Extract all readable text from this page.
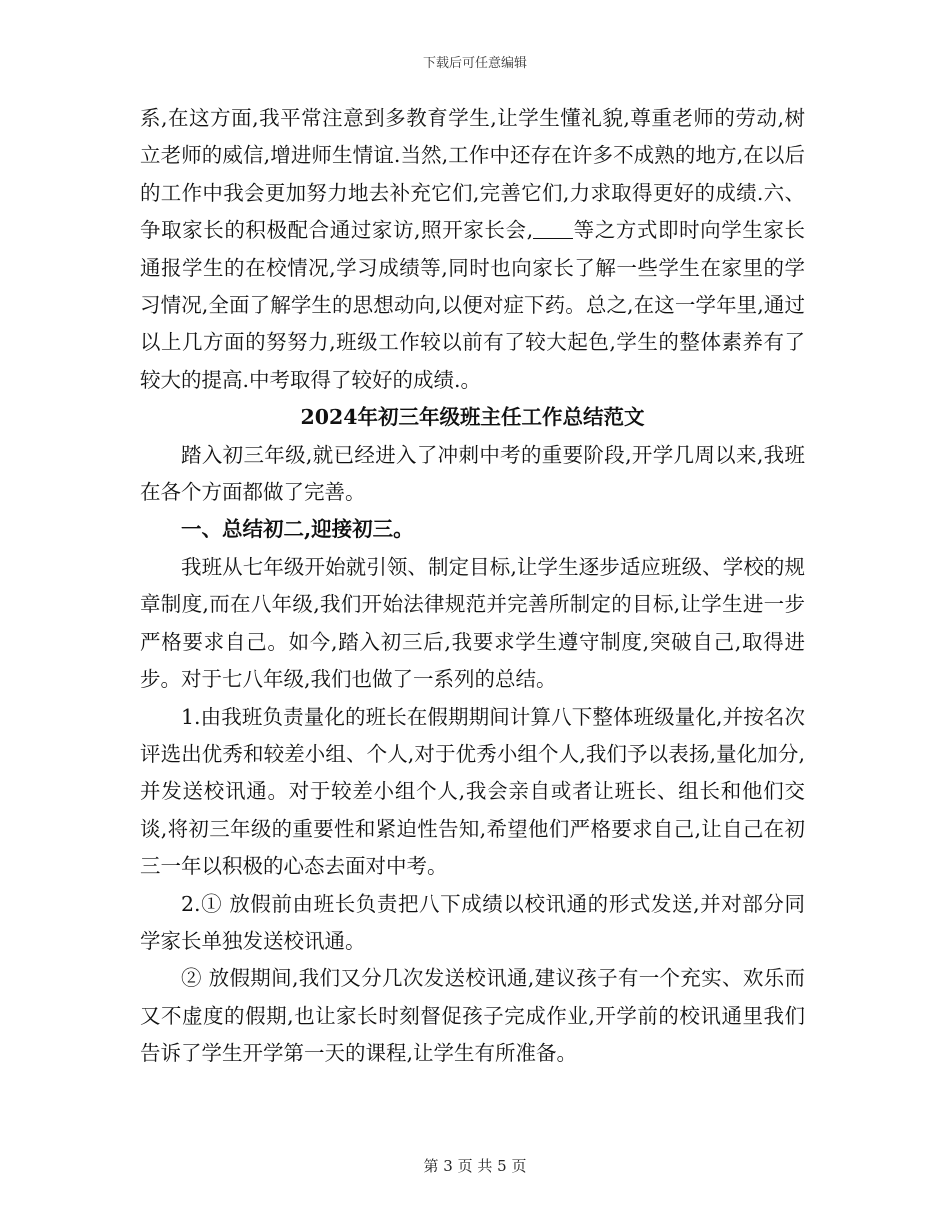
下载后可任意编辑

系,在这方面,我平常注意到多教育学生,让学生懂礼貌,尊重老师的劳动,树立老师的威信,增进师生情谊.当然,工作中还存在许多不成熟的地方,在以后的工作中我会更加努力地去补充它们,完善它们,力求取得更好的成绩.六、争取家长的积极配合通过家访,照开家长会, 等之方式即时向学生家长通报学生的在校情况,学习成绩等,同时也向家长了解一些学生在家里的学习情况,全面了解学生的思想动向,以便对症下药。总之,在这一学年里,通过以上几方面的努努力,班级工作较以前有了较大起色,学生的整体素养有了较大的提高.中考取得了较好的成绩.。

2024年初三年级班主任工作总结范文

踏入初三年级,就已经进入了冲刺中考的重要阶段,开学几周以来,我班在各个方面都做了完善。

一、总结初二,迎接初三。

我班从七年级开始就引领、制定目标,让学生逐步适应班级、学校的规章制度,而在八年级,我们开始法律规范并完善所制定的目标,让学生进一步严格要求自己。如今,踏入初三后,我要求学生遵守制度,突破自己,取得进步。对于七八年级,我们也做了一系列的总结。

1.由我班负责量化的班长在假期期间计算八下整体班级量化,并按名次评选出优秀和较差小组、个人,对于优秀小组个人,我们予以表扬,量化加分,并发送校讯通。对于较差小组个人,我会亲自或者让班长、组长和他们交谈,将初三年级的重要性和紧迫性告知,希望他们严格要求自己,让自己在初三一年以积极的心态去面对中考。

2.① 放假前由班长负责把八下成绩以校讯通的形式发送,并对部分同学家长单独发送校讯通。

② 放假期间,我们又分几次发送校讯通,建议孩子有一个充实、欢乐而又不虚度的假期,也让家长时刻督促孩子完成作业,开学前的校讯通里我们告诉了学生开学第一天的课程,让学生有所准备。

第 3 页 共 5 页
